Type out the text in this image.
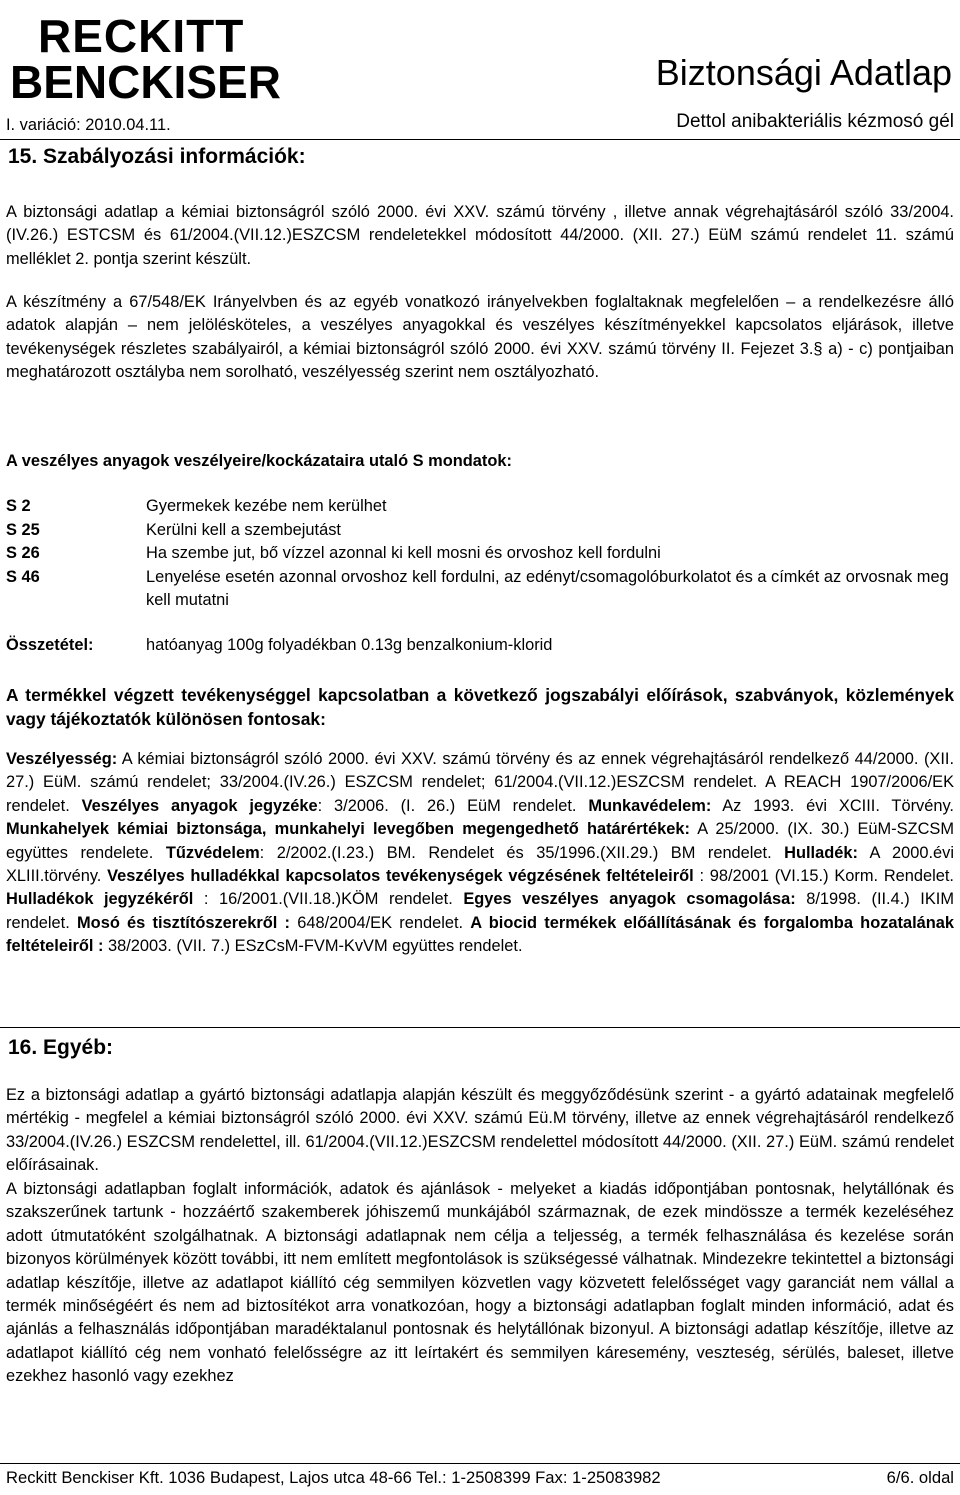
RECKITT
BENCKISER	Biztonsági Adatlap
I. variáció: 2010.04.11.	Dettol anibakteriális kézmosó gél
15. Szabályozási információk:
A biztonsági adatlap a kémiai biztonságról szóló 2000. évi XXV. számú törvény , illetve annak végrehajtásáról szóló 33/2004.(IV.26.) ESTCSM és 61/2004.(VII.12.)ESZCSM rendeletekkel módosított 44/2000. (XII. 27.) EüM számú rendelet 11. számú melléklet 2. pontja szerint készült.
A készítmény a 67/548/EK Irányelvben és az egyéb vonatkozó irányelvekben foglaltaknak megfelelően – a rendelkezésre álló adatok alapján – nem jelölésköteles, a veszélyes anyagokkal és veszélyes készítményekkel kapcsolatos eljárások, illetve tevékenységek részletes szabályairól, a kémiai biztonságról szóló 2000. évi XXV. számú törvény II. Fejezet 3.§ a) - c) pontjaiban meghatározott osztályba nem sorolható, veszélyesség szerint nem osztályozható.
A veszélyes anyagok veszélyeire/kockázataira utaló S mondatok:
S 2	Gyermekek kezébe nem kerülhet
S 25	Kerülni kell a szembejutást
S 26	Ha szembe jut, bő vízzel azonnal ki kell mosni és orvoshoz kell fordulni
S 46	Lenyelése esetén azonnal orvoshoz kell fordulni, az edényt/csomagolóburkolatot és a címkét az orvosnak meg kell mutatni
Összetétel:	hatóanyag 100g folyadékban 0.13g benzalkonium-klorid
A termékkel végzett tevékenységgel kapcsolatban a következő jogszabályi előírások, szabványok, közlemények vagy tájékoztatók különösen fontosak:
Veszélyesség: A kémiai biztonságról szóló 2000. évi XXV. számú törvény és az ennek végrehajtásáról rendelkező 44/2000. (XII. 27.) EüM. számú rendelet; 33/2004.(IV.26.) ESZCSM rendelet; 61/2004.(VII.12.)ESZCSM rendelet. A REACH 1907/2006/EK rendelet. Veszélyes anyagok jegyzéke: 3/2006. (I. 26.) EüM rendelet. Munkavédelem: Az 1993. évi XCIII. Törvény. Munkahelyek kémiai biztonsága, munkahelyi levegőben megengedhető határértékek: A 25/2000. (IX. 30.) EüM-SZCSM együttes rendelete. Tűzvédelem: 2/2002.(I.23.) BM. Rendelet és 35/1996.(XII.29.) BM rendelet. Hulladék: A 2000.évi XLIII.törvény. Veszélyes hulladékkal kapcsolatos tevékenységek végzésének feltételeiről : 98/2001 (VI.15.) Korm. Rendelet. Hulladékok jegyzékéről : 16/2001.(VII.18.)KÖM rendelet. Egyes veszélyes anyagok csomagolása: 8/1998. (II.4.) IKIM rendelet. Mosó és tisztítószerekről : 648/2004/EK rendelet. A biocid termékek előállításának és forgalomba hozatalának feltételeiről : 38/2003. (VII. 7.) ESzCsM-FVM-KvVM együttes rendelet.
16. Egyéb:
Ez a biztonsági adatlap a gyártó biztonsági adatlapja alapján készült és meggyőződésünk szerint - a gyártó adatainak megfelelő mértékig - megfelel a kémiai biztonságról szóló 2000. évi XXV. számú Eü.M törvény, illetve az ennek végrehajtásáról rendelkező 33/2004.(IV.26.) ESZCSM rendelettel, ill. 61/2004.(VII.12.)ESZCSM rendelettel módosított 44/2000. (XII. 27.) EüM. számú rendelet előírásainak.
A biztonsági adatlapban foglalt információk, adatok és ajánlások - melyeket a kiadás időpontjában pontosnak, helytállónak és szakszerűnek tartunk - hozzáértő szakemberek jóhiszemű munkájából származnak, de ezek mindössze a termék kezeléséhez adott útmutatóként szolgálhatnak. A biztonsági adatlapnak nem célja a teljesség, a termék felhasználása és kezelése során bizonyos körülmények között további, itt nem említett megfontolások is szükségessé válhatnak. Mindezekre tekintettel a biztonsági adatlap készítője, illetve az adatlapot kiállító cég semmilyen közvetlen vagy közvetett felelősséget vagy garanciát nem vállal a termék minőségéért és nem ad biztosítékot arra vonatkozóan, hogy a biztonsági adatlapban foglalt minden információ, adat és ajánlás a felhasználás időpontjában maradéktalanul pontosnak és helytállónak bizonyul. A biztonsági adatlap készítője, illetve az adatlapot kiállító cég nem vonható felelősségre az itt leírtakért és semmilyen káresemény, veszteség, sérülés, baleset, illetve ezekhez hasonló vagy ezekhez
Reckitt Benckiser Kft. 1036 Budapest, Lajos utca 48-66 Tel.: 1-2508399 Fax: 1-25083982	6/6. oldal
